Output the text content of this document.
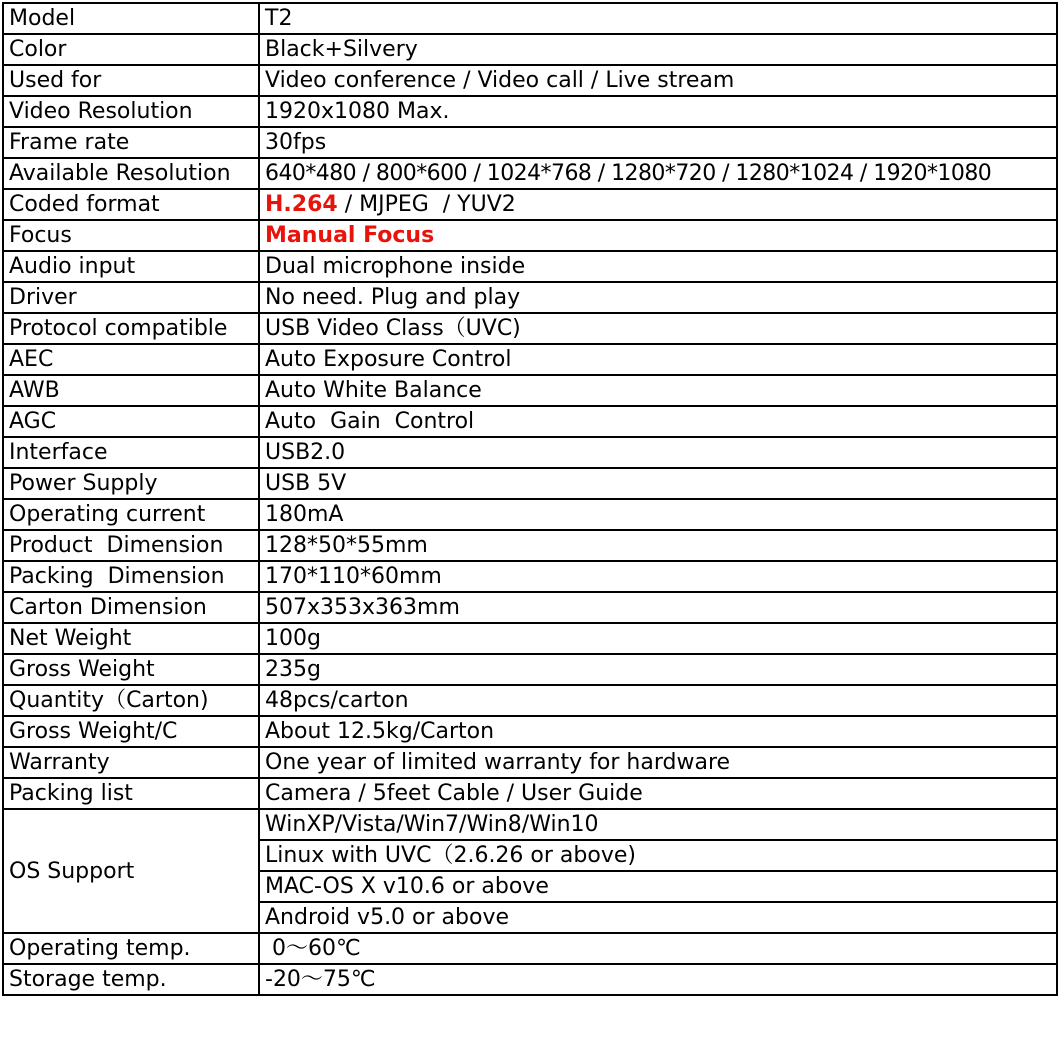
Model	T2
Color	Black+Silvery
Used for	Video conference / Video call / Live stream
Video Resolution	1920x1080 Max.
Frame rate	30fps
Available Resolution	640*480 / 800*600 / 1024*768 / 1280*720 / 1280*1024 / 1920*1080
Coded format	H.264 / MJPEG  / YUV2
Focus	Manual Focus
Audio input	Dual microphone inside
Driver	No need. Plug and play
Protocol compatible	USB Video Class（UVC)
AEC	Auto Exposure Control
AWB	Auto White Balance
AGC	Auto  Gain  Control
Interface	USB2.0
Power Supply	USB 5V
Operating current	180mA
Product  Dimension	128*50*55mm
Packing  Dimension	170*110*60mm
Carton Dimension	507x353x363mm
Net Weight	100g
Gross Weight	235g
Quantity（Carton)	48pcs/carton
Gross Weight/C	About 12.5kg/Carton
Warranty	One year of limited warranty for hardware
Packing list	Camera / 5feet Cable / User Guide
OS Support	WinXP/Vista/Win7/Win8/Win10
	Linux with UVC（2.6.26 or above)
	MAC-OS X v10.6 or above
	Android v5.0 or above
Operating temp.	0～60℃
Storage temp.	-20～75℃
